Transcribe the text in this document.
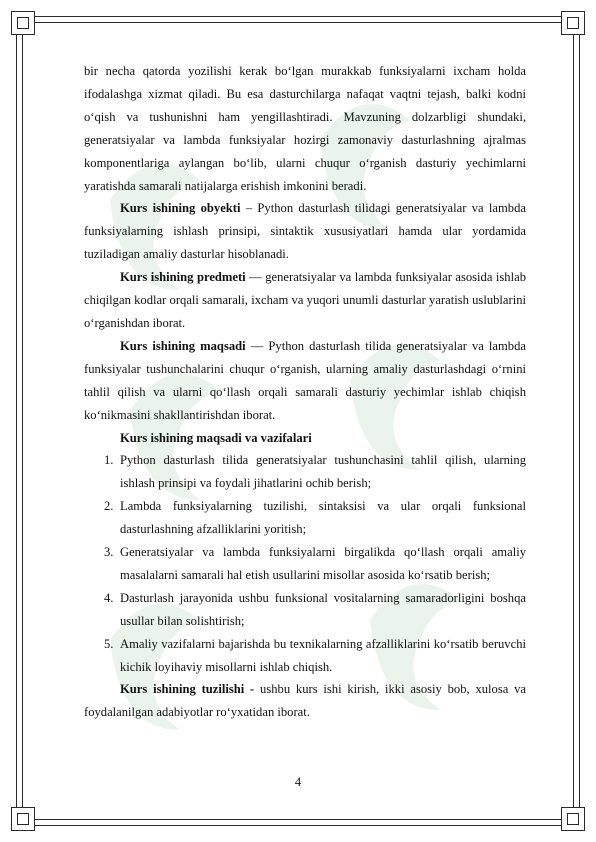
bir necha qatorda yozilishi kerak bo‘lgan murakkab funksiyalarni ixcham holda ifodalashga xizmat qiladi. Bu esa dasturchilarga nafaqat vaqtni tejash, balki kodni o‘qish va tushunishni ham yengillashtiradi. Mavzuning dolzarbligi shundaki, generatsiyalar va lambda funksiyalar hozirgi zamonaviy dasturlashning ajralmas komponentlariga aylangan bo‘lib, ularni chuqur o‘rganish dasturiy yechimlarni yaratishda samarali natijalarga erishish imkonini beradi.

Kurs ishining obyekti – Python dasturlash tilidagi generatsiyalar va lambda funksiyalarning ishlash prinsipi, sintaktik xususiyatlari hamda ular yordamida tuziladigan amaliy dasturlar hisoblanadi.

Kurs ishining predmeti — generatsiyalar va lambda funksiyalar asosida ishlab chiqilgan kodlar orqali samarali, ixcham va yuqori unumli dasturlar yaratish uslublarini o‘rganishdan iborat.

Kurs ishining maqsadi — Python dasturlash tilida generatsiyalar va lambda funksiyalar tushunchalarini chuqur o‘rganish, ularning amaliy dasturlashdagi o‘rnini tahlil qilish va ularni qo‘llash orqali samarali dasturiy yechimlar ishlab chiqish ko‘nikmasini shakllantirishdan iborat.

Kurs ishining maqsadi va vazifalari

1. Python dasturlash tilida generatsiyalar tushunchasini tahlil qilish, ularning ishlash prinsipi va foydali jihatlarini ochib berish;
2. Lambda funksiyalarning tuzilishi, sintaksisi va ular orqali funksional dasturlashning afzalliklarini yoritish;
3. Generatsiyalar va lambda funksiyalarni birgalikda qo‘llash orqali amaliy masalalarni samarali hal etish usullarini misollar asosida ko‘rsatib berish;
4. Dasturlash jarayonida ushbu funksional vositalarning samaradorligini boshqa usullar bilan solishtirish;
5. Amaliy vazifalarni bajarishda bu texnikalarning afzalliklarini ko‘rsatib beruvchi kichik loyihaviy misollarni ishlab chiqish.

Kurs ishining tuzilishi - ushbu kurs ishi kirish, ikki asosiy bob, xulosa va foydalanilgan adabiyotlar ro‘yxatidan iborat.

4
